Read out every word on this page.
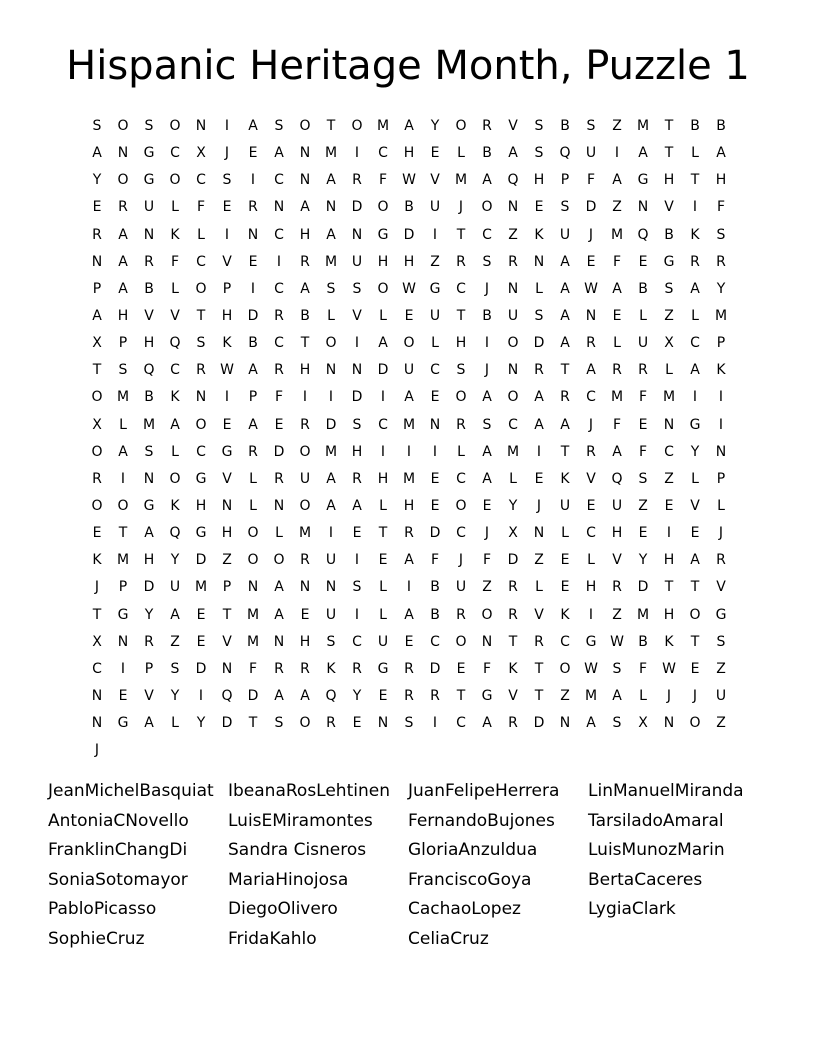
Hispanic Heritage Month, Puzzle 1
S	O	S	O	N	I	A	S	O	T	O	M	A	Y	O	R	V	S	B	S	Z	M	T	B	B
A	N	G	C	X	J	E	A	N	M	I	C	H	E	L	B	A	S	Q	U	I	A	T	L	A
Y	O	G	O	C	S	I	C	N	A	R	F	W	V	M	A	Q	H	P	F	A	G	H	T	H
E	R	U	L	F	E	R	N	A	N	D	O	B	U	J	O	N	E	S	D	Z	N	V	I	F
R	A	N	K	L	I	N	C	H	A	N	G	D	I	T	C	Z	K	U	J	M	Q	B	K	S
N	A	R	F	C	V	E	I	R	M	U	H	H	Z	R	S	R	N	A	E	F	E	G	R	R
P	A	B	L	O	P	I	C	A	S	S	O W G	C	J	N	L	A	W	A	B	S	A	Y
A	H	V	V	T	H	D	R	B	L	V	L	E	U	T	B	U	S	A	N	E	L	Z	L	M
X	P	H	Q	S	K	B	C	T	O	I	A	O	L	H	I	O	D	A	R	L	U	X	C	P
T	S	Q	C	R	W	A	R	H	N	N	D	U	C	S	J	N	R	T	A	R	R	L	A	K
O	M	B	K	N	I	P	F	I	I	D	I	A	E	O	A	O	A	R	C	M	F	M	I	I
X	L	M	A	O	E	A	E	R	D	S	C	M	N	R	S	C	A	A	J	F	E	N	G	I
O	A	S	L	C	G	R	D	O	M	H	I	I	I	L	A	M	I	T	R	A	F	C	Y	N
R	I	N	O	G	V	L	R	U	A	R	H	M	E	C	A	L	E	K	V	Q	S	Z	L	P
O	O	G	K	H	N	L	N	O	A	A	L	H	E	O	E	Y	J	U	E	U	Z	E	V	L
E	T	A	Q	G	H	O	L	M	I	E	T	R	D	C	J	X	N	L	C	H	E	I	E	J
K	M	H	Y	D	Z	O	O	R	U	I	E	A	F	J	F	D	Z	E	L	V	Y	H	A	R
J	P	D	U	M	P	N	A	N	N	S	L	I	B	U	Z	R	L	E	H	R	D	T	T	V
T	G	Y	A	E	T	M	A	E	U	I	L	A	B	R	O	R	V	K	I	Z	M	H	O	G
X	N	R	Z	E	V	M	N	H	S	C	U	E	C	O	N	T	R	C	G W	B	K	T	S
C	I	P	S	D	N	F	R	R	K	R	G	R	D	E	F	K	T	O W	S	F	W	E	Z
N	E	V	Y	I	Q	D	A	A	Q	Y	E	R	R	T	G	V	T	Z	M	A	L	J	J	U
N	G	A	L	Y	D	T	S	O	R	E	N	S	I	C	A	R	D	N	A	S	X	N	O	Z
J
JeanMichelBasquiat
AntoniaCNovello
FranklinChangDi
SoniaSotomayor
PabloPicasso
SophieCruz
IbeanaRosLehtinen
LuisEMiramontes
Sandra Cisneros
MariaHinojosa
DiegoOlivero
FridaKahlo
JuanFelipeHerrera
FernandoBujones
GloriaAnzuldua
FranciscoGoya
CachaoLopez
CeliaCruz
LinManuelMiranda
TarsiladoAmaral
LuisMunozMarin
BertaCaceres
LygiaClark
